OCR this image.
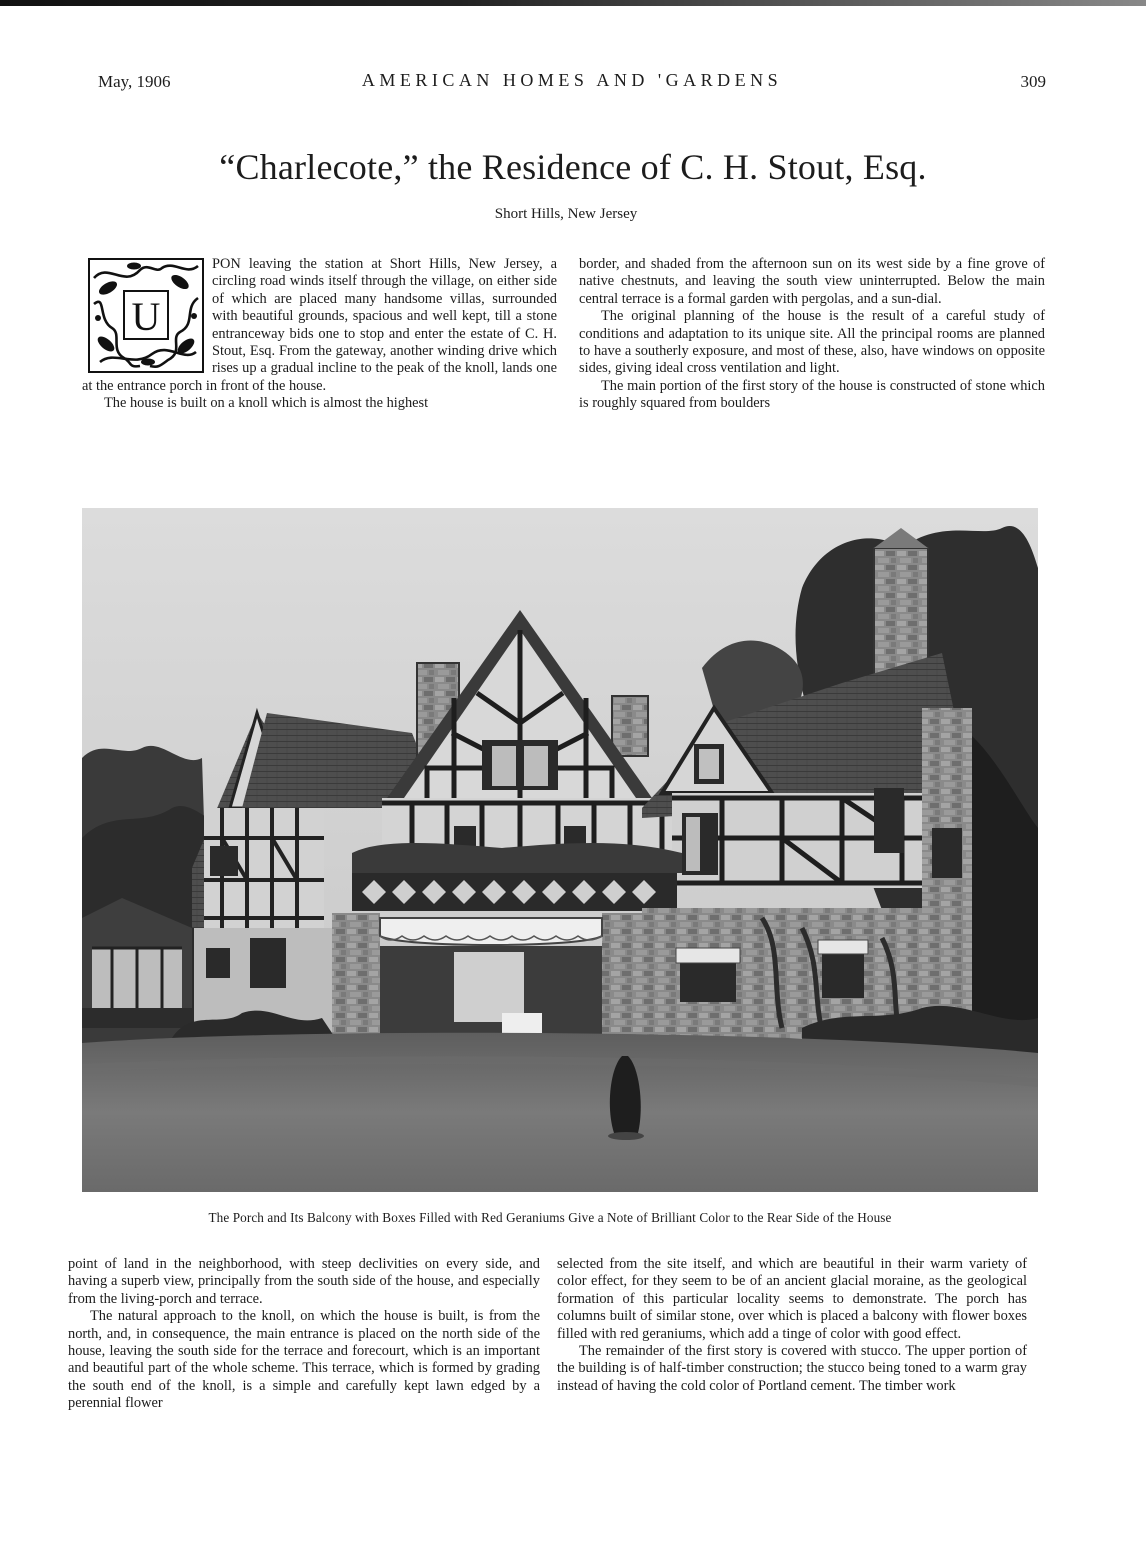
May, 1906	AMERICAN HOMES AND 'GARDENS	309
“Charlecote,” the Residence of C. H. Stout, Esq.
Short Hills, New Jersey
U

PON leaving the station at Short Hills, New Jersey, a circling road winds itself through the village, on either side of which are placed many handsome villas, surrounded with beautiful grounds, spacious and well kept, till a stone entranceway bids one to stop and enter the estate of C. H. Stout, Esq. From the gateway, another winding drive which rises up a gradual incline to the peak of the knoll, lands one at the entrance porch in front of the house.

The house is built on a knoll which is almost the highest

border, and shaded from the afternoon sun on its west side by a fine grove of native chestnuts, and leaving the south view uninterrupted. Below the main central terrace is a formal garden with pergolas, and a sun-dial.

The original planning of the house is the result of a careful study of conditions and adaptation to its unique site. All the principal rooms are planned to have a southerly exposure, and most of these, also, have windows on opposite sides, giving ideal cross ventilation and light.

The main portion of the first story of the house is constructed of stone which is roughly squared from boulders

The Porch and Its Balcony with Boxes Filled with Red Geraniums Give a Note of Brilliant Color to the Rear Side of the House

point of land in the neighborhood, with steep declivities on every side, and having a superb view, principally from the south side of the house, and especially from the living-porch and terrace.

The natural approach to the knoll, on which the house is built, is from the north, and, in consequence, the main entrance is placed on the north side of the house, leaving the south side for the terrace and forecourt, which is an important and beautiful part of the whole scheme. This terrace, which is formed by grading the south end of the knoll, is a simple and carefully kept lawn edged by a perennial flower

selected from the site itself, and which are beautiful in their warm variety of color effect, for they seem to be of an ancient glacial moraine, as the geological formation of this particular locality seems to demonstrate. The porch has columns built of similar stone, over which is placed a balcony with flower boxes filled with red geraniums, which add a tinge of color with good effect.

The remainder of the first story is covered with stucco. The upper portion of the building is of half-timber construction; the stucco being toned to a warm gray instead of having the cold color of Portland cement. The timber work
